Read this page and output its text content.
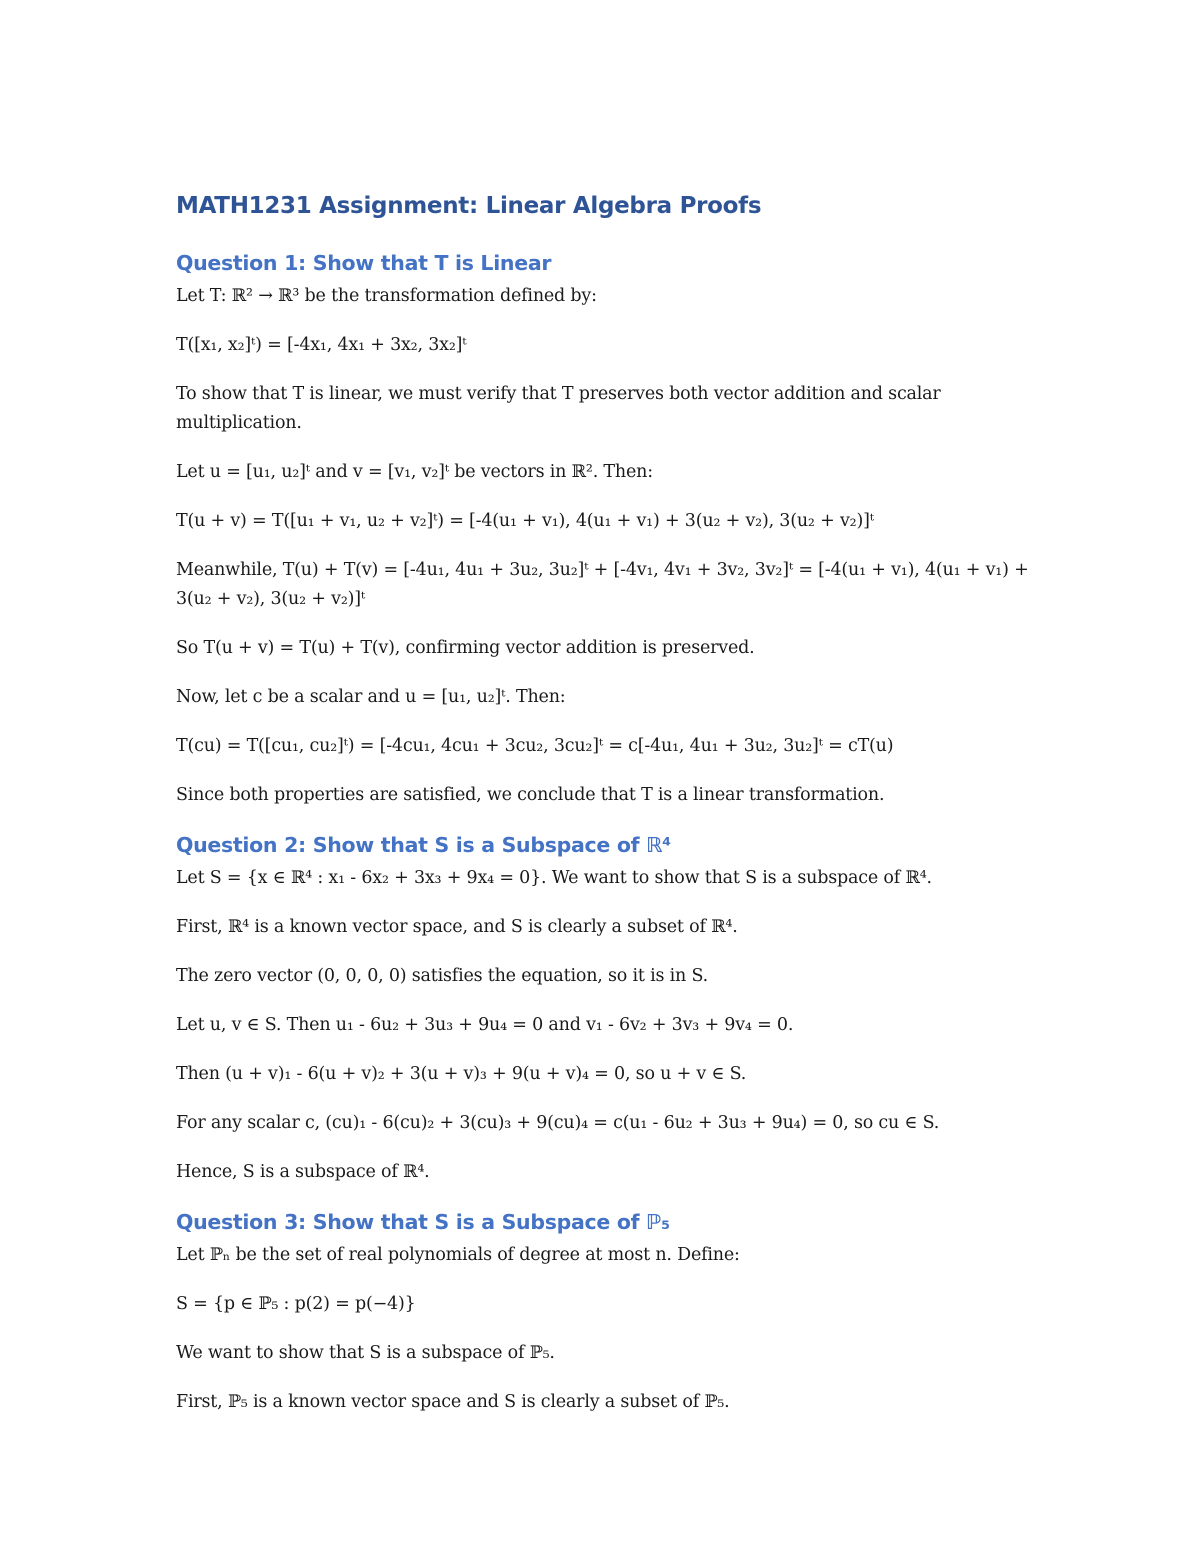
MATH1231 Assignment: Linear Algebra Proofs
Question 1: Show that T is Linear

Let T: ℝ² → ℝ³ be the transformation defined by:

T([x₁, x₂]ᵗ) = [-4x₁, 4x₁ + 3x₂, 3x₂]ᵗ

To show that T is linear, we must verify that T preserves both vector addition and scalar multiplication.

Let u = [u₁, u₂]ᵗ and v = [v₁, v₂]ᵗ be vectors in ℝ². Then:

T(u + v) = T([u₁ + v₁, u₂ + v₂]ᵗ) = [-4(u₁ + v₁), 4(u₁ + v₁) + 3(u₂ + v₂), 3(u₂ + v₂)]ᵗ

Meanwhile, T(u) + T(v) = [-4u₁, 4u₁ + 3u₂, 3u₂]ᵗ + [-4v₁, 4v₁ + 3v₂, 3v₂]ᵗ = [-4(u₁ + v₁), 4(u₁ + v₁) + 3(u₂ + v₂), 3(u₂ + v₂)]ᵗ

So T(u + v) = T(u) + T(v), confirming vector addition is preserved.

Now, let c be a scalar and u = [u₁, u₂]ᵗ. Then:

T(cu) = T([cu₁, cu₂]ᵗ) = [-4cu₁, 4cu₁ + 3cu₂, 3cu₂]ᵗ = c[-4u₁, 4u₁ + 3u₂, 3u₂]ᵗ = cT(u)

Since both properties are satisfied, we conclude that T is a linear transformation.

Question 2: Show that S is a Subspace of ℝ⁴

Let S = {x ∈ ℝ⁴ : x₁ - 6x₂ + 3x₃ + 9x₄ = 0}. We want to show that S is a subspace of ℝ⁴.

First, ℝ⁴ is a known vector space, and S is clearly a subset of ℝ⁴.

The zero vector (0, 0, 0, 0) satisfies the equation, so it is in S.

Let u, v ∈ S. Then u₁ - 6u₂ + 3u₃ + 9u₄ = 0 and v₁ - 6v₂ + 3v₃ + 9v₄ = 0.

Then (u + v)₁ - 6(u + v)₂ + 3(u + v)₃ + 9(u + v)₄ = 0, so u + v ∈ S.

For any scalar c, (cu)₁ - 6(cu)₂ + 3(cu)₃ + 9(cu)₄ = c(u₁ - 6u₂ + 3u₃ + 9u₄) = 0, so cu ∈ S.

Hence, S is a subspace of ℝ⁴.

Question 3: Show that S is a Subspace of ℙ₅

Let ℙₙ be the set of real polynomials of degree at most n. Define:

S = {p ∈ ℙ₅ : p(2) = p(−4)}

We want to show that S is a subspace of ℙ₅.

First, ℙ₅ is a known vector space and S is clearly a subset of ℙ₅.
